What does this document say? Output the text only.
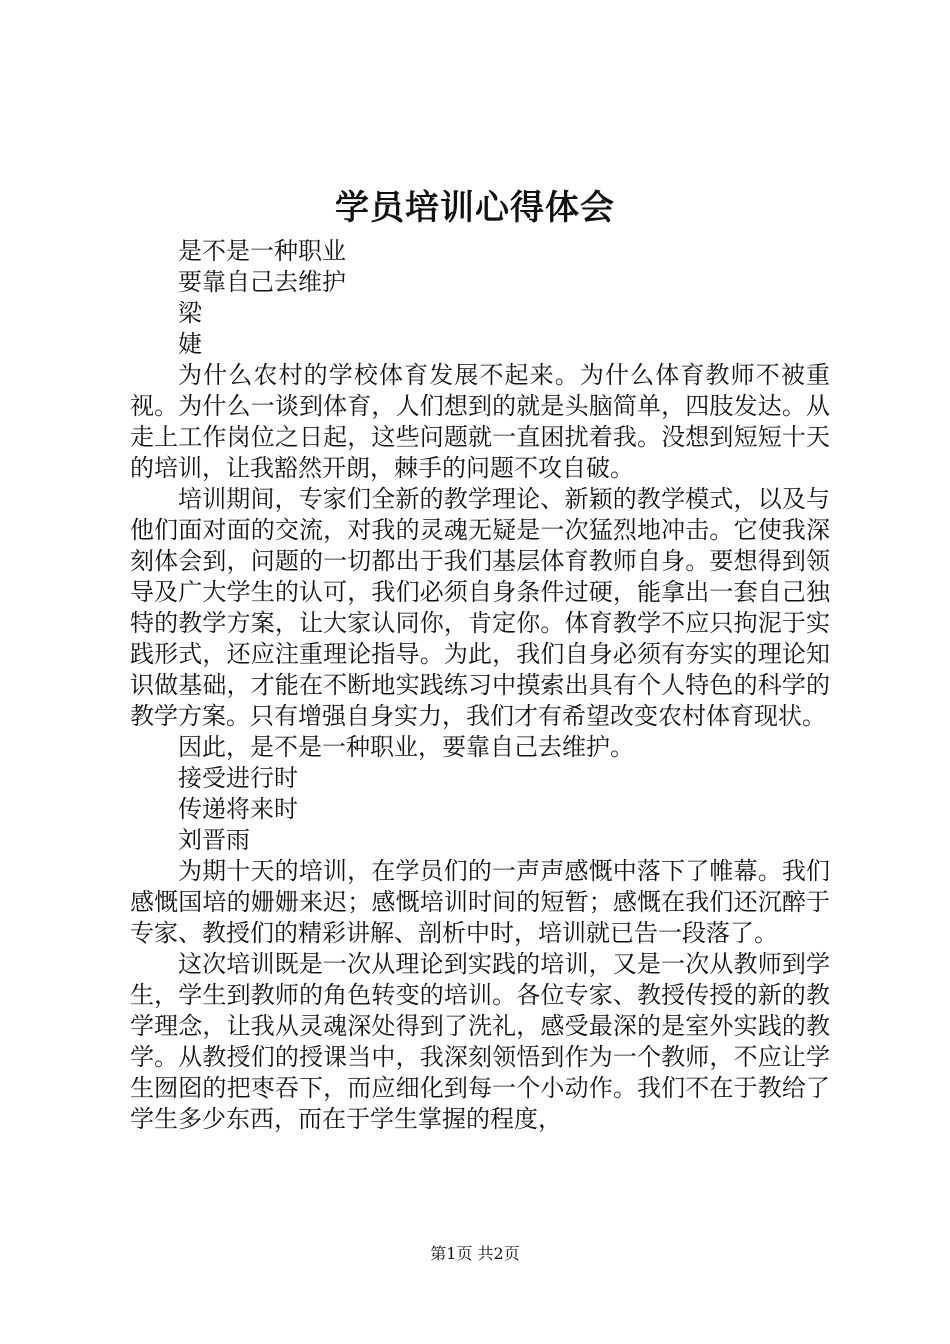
学员培训心得体会
是不是一种职业
要靠自己去维护
梁
婕
为什么农村的学校体育发展不起来。为什么体育教师不被重视。为什么一谈到体育，人们想到的就是头脑简单，四肢发达。从走上工作岗位之日起，这些问题就一直困扰着我。没想到短短十天的培训，让我豁然开朗，棘手的问题不攻自破。
培训期间，专家们全新的教学理论、新颖的教学模式，以及与他们面对面的交流，对我的灵魂无疑是一次猛烈地冲击。它使我深刻体会到，问题的一切都出于我们基层体育教师自身。要想得到领导及广大学生的认可，我们必须自身条件过硬，能拿出一套自己独特的教学方案，让大家认同你，肯定你。体育教学不应只拘泥于实践形式，还应注重理论指导。为此，我们自身必须有夯实的理论知识做基础，才能在不断地实践练习中摸索出具有个人特色的科学的教学方案。只有增强自身实力，我们才有希望改变农村体育现状。
因此，是不是一种职业，要靠自己去维护。
接受进行时
传递将来时
刘晋雨
为期十天的培训，在学员们的一声声感慨中落下了帷幕。我们感慨国培的姗姗来迟；感慨培训时间的短暂；感慨在我们还沉醉于专家、教授们的精彩讲解、剖析中时，培训就已告一段落了。
这次培训既是一次从理论到实践的培训，又是一次从教师到学生，学生到教师的角色转变的培训。各位专家、教授传授的新的教学理念，让我从灵魂深处得到了洗礼，感受最深的是室外实践的教学。从教授们的授课当中，我深刻领悟到作为一个教师，不应让学生囫囵的把枣吞下，而应细化到每一个小动作。我们不在于教给了学生多少东西，而在于学生掌握的程度，
第1页 共2页
